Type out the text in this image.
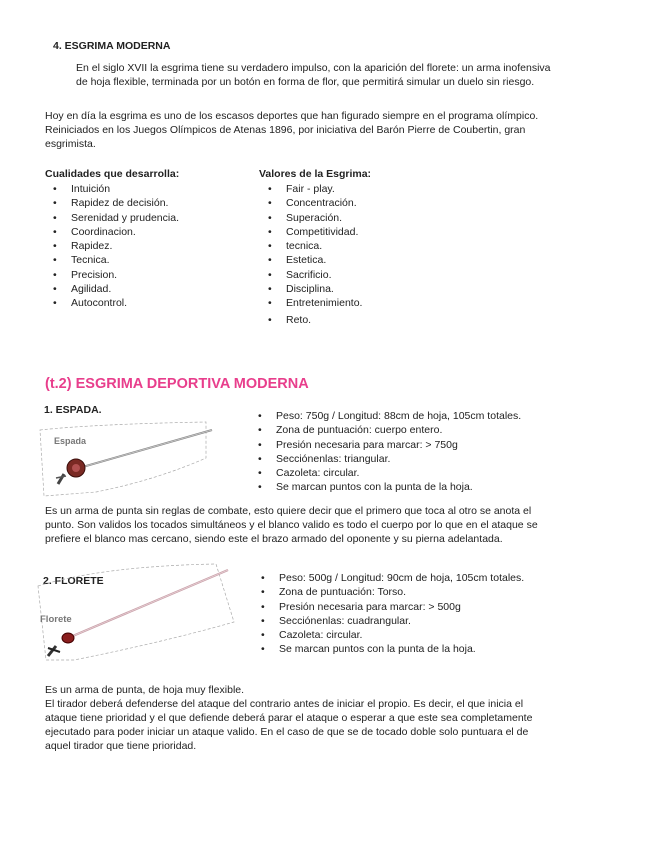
4. ESGRIMA MODERNA
En el siglo XVII la esgrima tiene su verdadero impulso, con la aparición del florete: un arma inofensiva
de hoja flexible, terminada por un botón en forma de flor, que permitirá simular un duelo sin riesgo.
Hoy en día la esgrima es uno de los escasos deportes que han figurado siempre en el programa olímpico.
Reiniciados en los Juegos Olímpicos de Atenas 1896, por iniciativa del Barón Pierre de Coubertin, gran
esgrimista.
Cualidades que desarrolla:
• Intuición
• Rapidez de decisión.
• Serenidad y prudencia.
• Coordinacion.
• Rapidez.
• Tecnica.
• Precision.
• Agilidad.
• Autocontrol.
Valores de la Esgrima:
• Fair - play.
• Concentración.
• Superación.
• Competitividad.
• tecnica.
• Estetica.
• Sacrificio.
• Disciplina.
• Entretenimiento.
• Reto.
(t.2) ESGRIMA DEPORTIVA MODERNA
1. ESPADA.
Espada
• Peso: 750g / Longitud: 88cm de hoja, 105cm totales.
• Zona de puntuación: cuerpo entero.
• Presión necesaria para marcar: > 750g
• Secciónenlas: triangular.
• Cazoleta: circular.
• Se marcan puntos con la punta de la hoja.
Es un arma de punta sin reglas de combate, esto quiere decir que el primero que toca al otro se anota el
punto. Son validos los tocados simultáneos y el blanco valido es todo el cuerpo por lo que en el ataque se
prefiere el blanco mas cercano, siendo este el brazo armado del oponente y su pierna adelantada.
2. FLORETE
Florete
• Peso: 500g / Longitud: 90cm de hoja, 105cm totales.
• Zona de puntuación: Torso.
• Presión necesaria para marcar: > 500g
• Secciónenlas: cuadrangular.
• Cazoleta: circular.
• Se marcan puntos con la punta de la hoja.
Es un arma de punta, de hoja muy flexible.
El tirador deberá defenderse del ataque del contrario antes de iniciar el propio. Es decir, el que inicia el
ataque tiene prioridad y el que defiende deberá parar el ataque o esperar a que este sea completamente
ejecutado para poder iniciar un ataque valido. En el caso de que se de tocado doble solo puntuara el de
aquel tirador que tiene prioridad.
